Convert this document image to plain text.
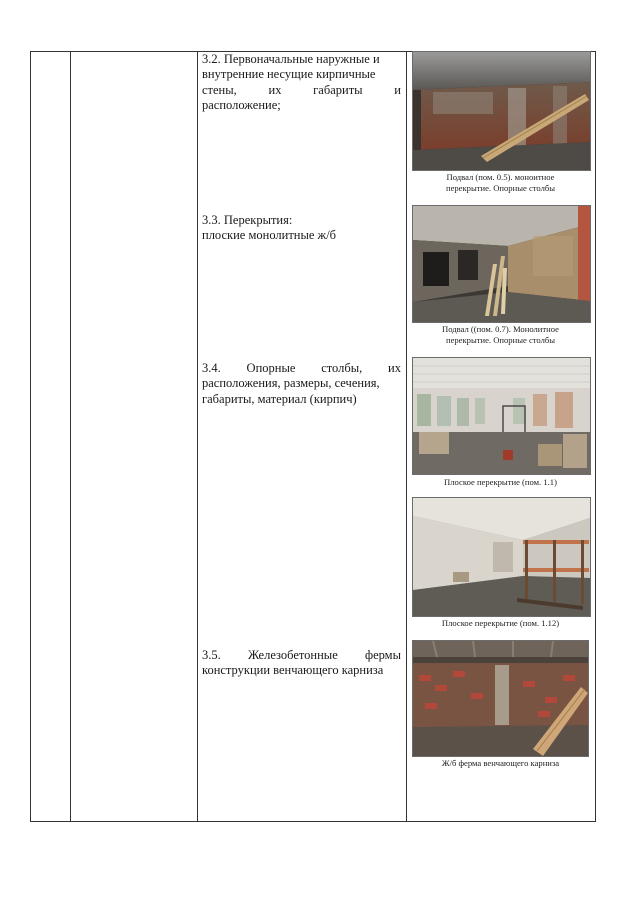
3.2. Первоначальные наружные и
внутренние несущие кирпичные
стены, их габариты и
расположение;
3.3. Перекрытия:
плоские монолитные ж/б
3.4. Опорные столбы, их
расположения, размеры, сечения,
габариты, материал (кирпич)
3.5. Железобетонные фермы
конструкции венчающего карниза
Подвал (пом. 0.5). моноитное
перекрытие. Опорные столбы
Подвал ((пом. 0.7). Монолитное
перекрытие. Опорные столбы
Плоское перекрытие (пом. 1.1)
Плоское перекрытие (пом. 1.12)
Ж/б ферма венчающего карниза
